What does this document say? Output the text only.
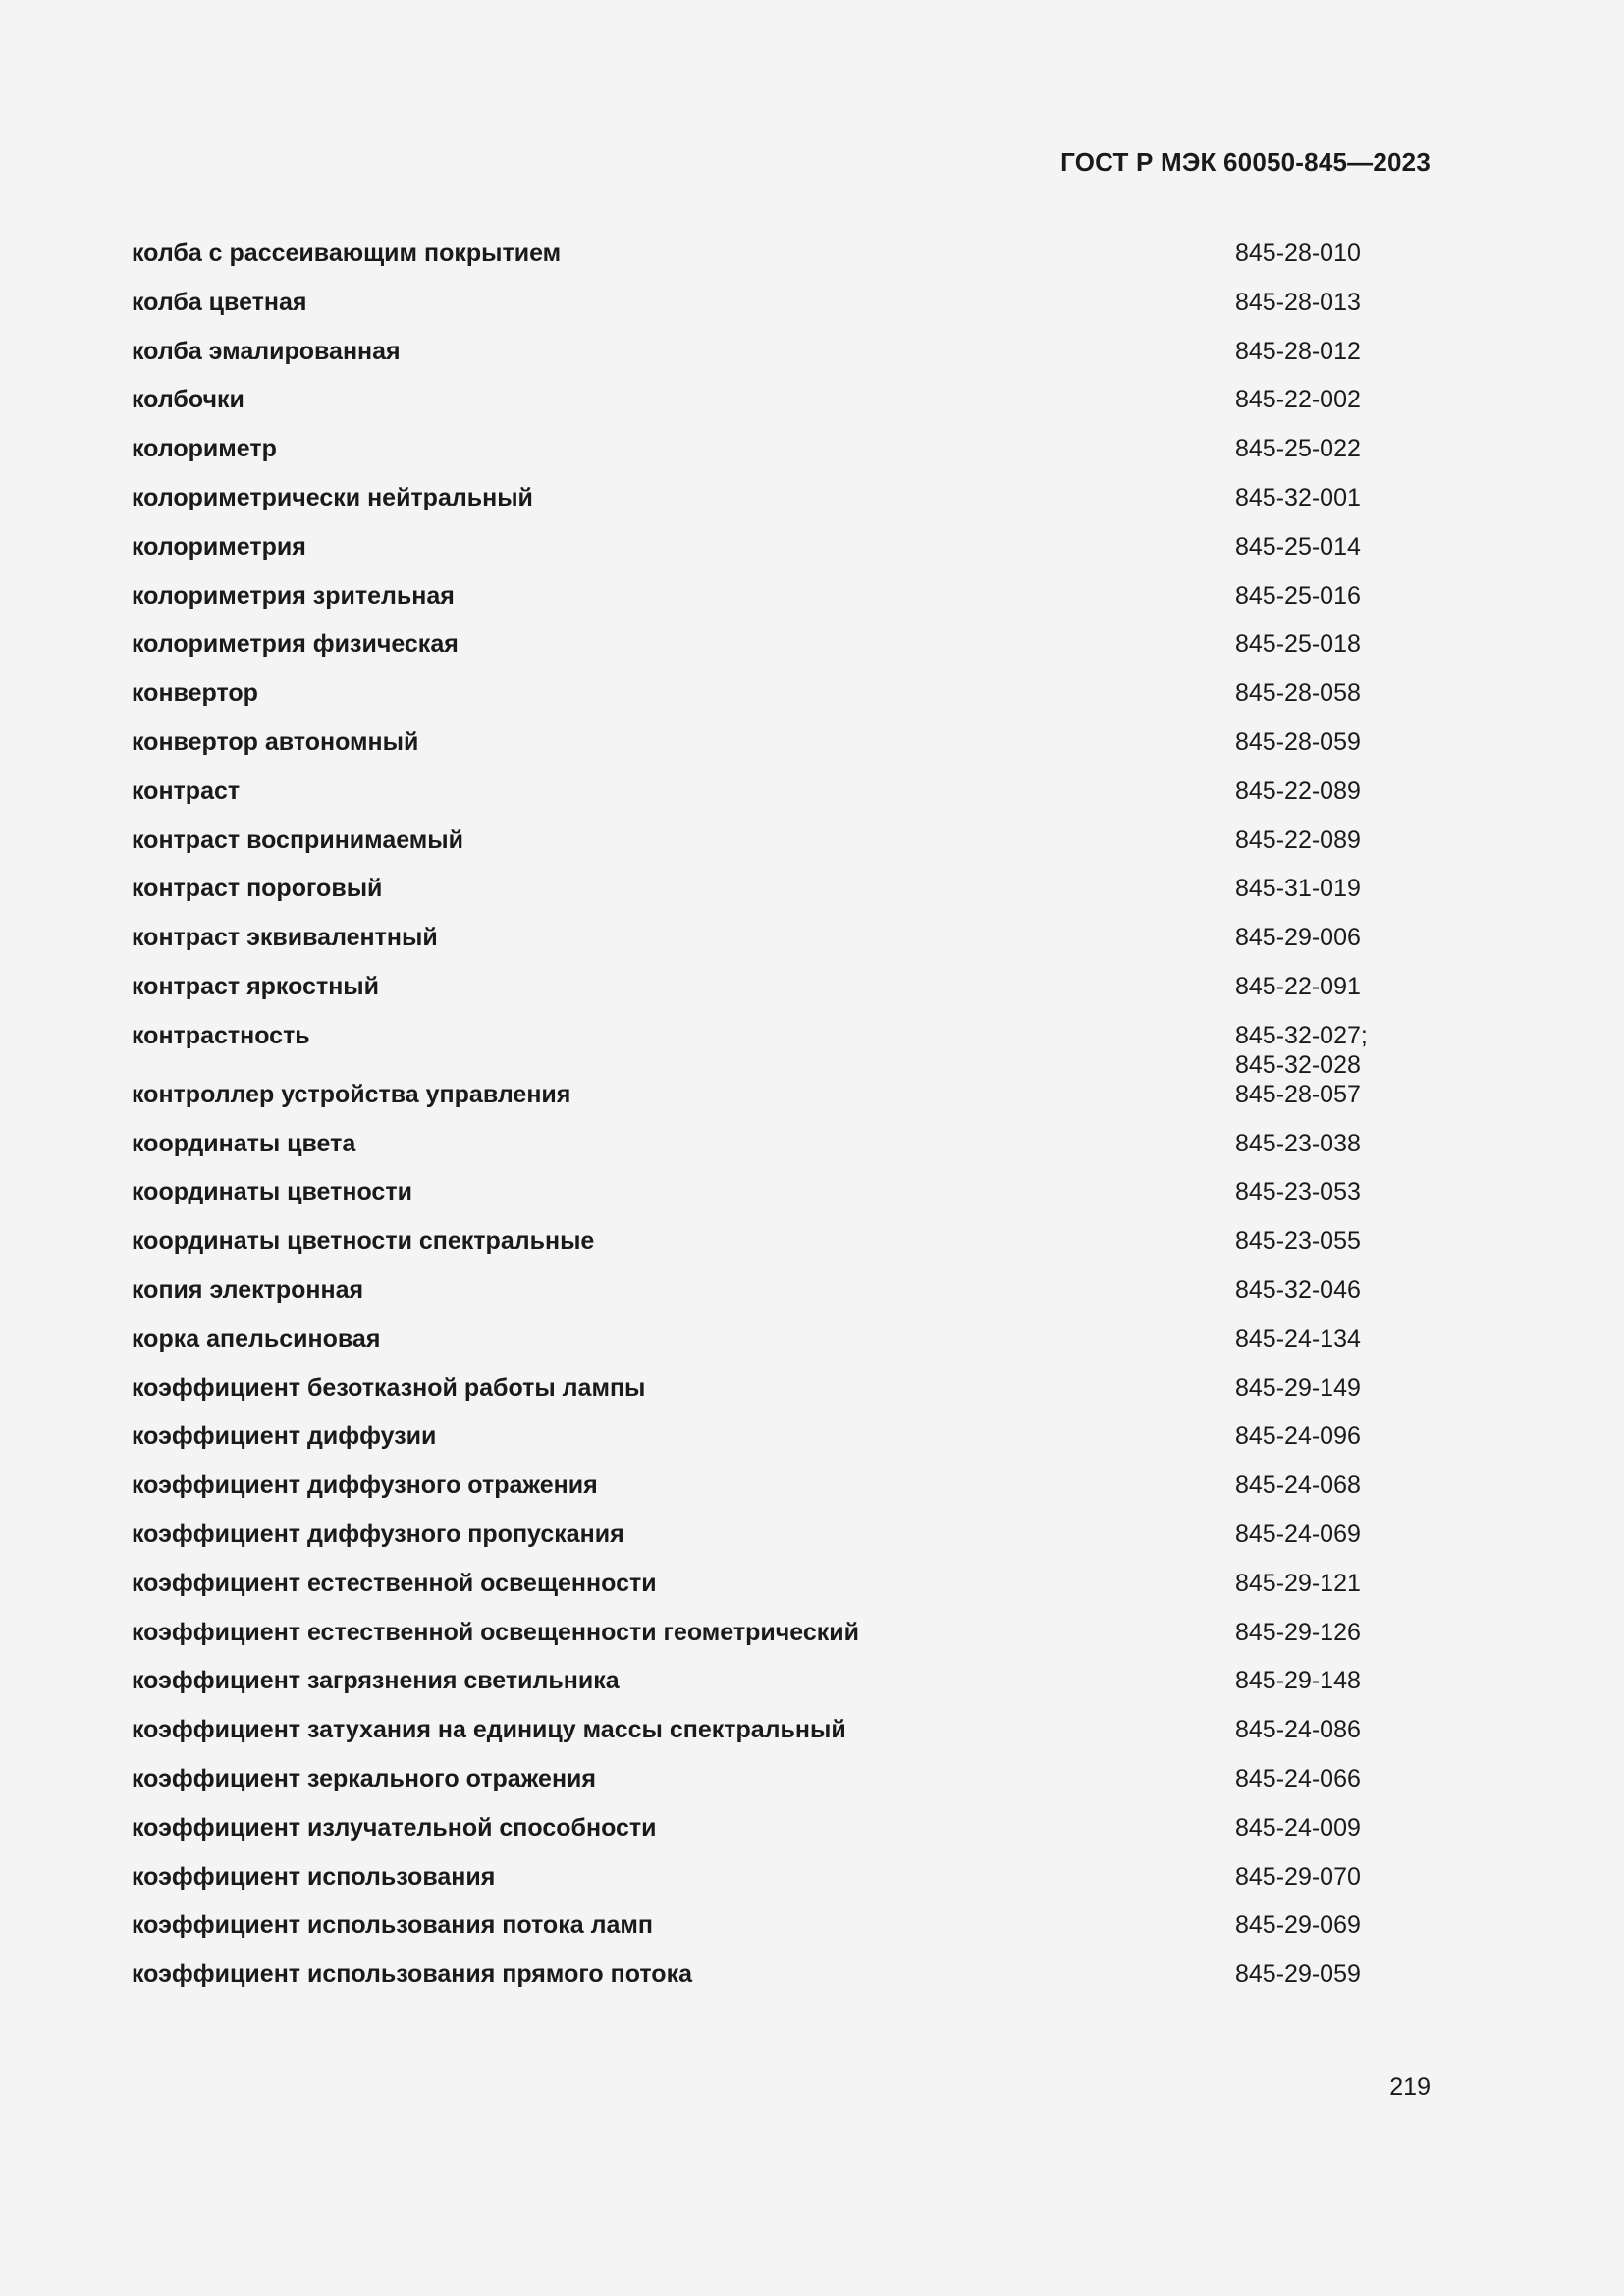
ГОСТ Р МЭК 60050-845—2023
колба с рассеивающим покрытием	845-28-010
колба цветная	845-28-013
колба эмалированная	845-28-012
колбочки	845-22-002
колориметр	845-25-022
колориметрически нейтральный	845-32-001
колориметрия	845-25-014
колориметрия зрительная	845-25-016
колориметрия физическая	845-25-018
конвертор	845-28-058
конвертор автономный	845-28-059
контраст	845-22-089
контраст воспринимаемый	845-22-089
контраст пороговый	845-31-019
контраст эквивалентный	845-29-006
контраст яркостный	845-22-091
контрастность	845-32-027;
845-32-028
контроллер устройства управления	845-28-057
координаты цвета	845-23-038
координаты цветности	845-23-053
координаты цветности спектральные	845-23-055
копия электронная	845-32-046
корка апельсиновая	845-24-134
коэффициент безотказной работы лампы	845-29-149
коэффициент диффузии	845-24-096
коэффициент диффузного отражения	845-24-068
коэффициент диффузного пропускания	845-24-069
коэффициент естественной освещенности	845-29-121
коэффициент естественной освещенности геометрический	845-29-126
коэффициент загрязнения светильника	845-29-148
коэффициент затухания на единицу массы спектральный	845-24-086
коэффициент зеркального отражения	845-24-066
коэффициент излучательной способности	845-24-009
коэффициент использования	845-29-070
коэффициент использования потока ламп	845-29-069
коэффициент использования прямого потока	845-29-059
219
